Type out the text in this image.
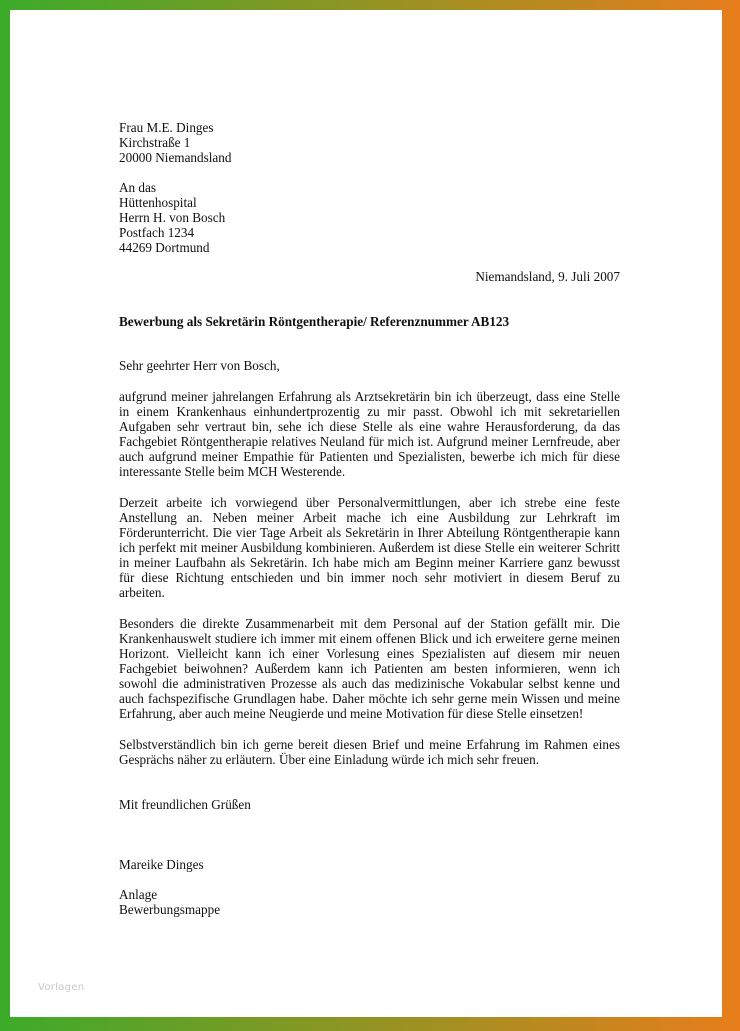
Frau M.E. Dinges
Kirchstraße 1
20000 Niemandsland
An das
Hüttenhospital
Herrn H. von Bosch
Postfach 1234
44269 Dortmund
Niemandsland, 9. Juli 2007
Bewerbung als Sekretärin Röntgentherapie/ Referenznummer AB123
Sehr geehrter Herr von Bosch,
aufgrund meiner jahrelangen Erfahrung als Arztsekretärin bin ich überzeugt, dass eine Stelle in einem Krankenhaus einhundertprozentig zu mir passt. Obwohl ich mit sekretariellen Aufgaben sehr vertraut bin, sehe ich diese Stelle als eine wahre Herausforderung, da das Fachgebiet Röntgentherapie relatives Neuland für mich ist. Aufgrund meiner Lernfreude, aber auch aufgrund meiner Empathie für Patienten und Spezialisten, bewerbe ich mich für diese interessante Stelle beim MCH Westerende.
Derzeit arbeite ich vorwiegend über Personalvermittlungen, aber ich strebe eine feste Anstellung an. Neben meiner Arbeit mache ich eine Ausbildung zur Lehrkraft im Förderunterricht. Die vier Tage Arbeit als Sekretärin in Ihrer Abteilung Röntgentherapie kann ich perfekt mit meiner Ausbildung kombinieren. Außerdem ist diese Stelle ein weiterer Schritt in meiner Laufbahn als Sekretärin. Ich habe mich am Beginn meiner Karriere ganz bewusst für diese Richtung entschieden und bin immer noch sehr motiviert in diesem Beruf zu arbeiten.
Besonders die direkte Zusammenarbeit mit dem Personal auf der Station gefällt mir. Die Krankenhauswelt studiere ich immer mit einem offenen Blick und ich erweitere gerne meinen Horizont. Vielleicht kann ich einer Vorlesung eines Spezialisten auf diesem mir neuen Fachgebiet beiwohnen? Außerdem kann ich Patienten am besten informieren, wenn ich sowohl die administrativen Prozesse als auch das medizinische Vokabular selbst kenne und auch fachspezifische Grundlagen habe. Daher möchte ich sehr gerne mein Wissen und meine Erfahrung, aber auch meine Neugierde und meine Motivation für diese Stelle einsetzen!
Selbstverständlich bin ich gerne bereit diesen Brief und meine Erfahrung im Rahmen eines Gesprächs näher zu erläutern. Über eine Einladung würde ich mich sehr freuen.
Mit freundlichen Grüßen
Mareike Dinges
Anlage
Bewerbungsmappe
Vorlagen
